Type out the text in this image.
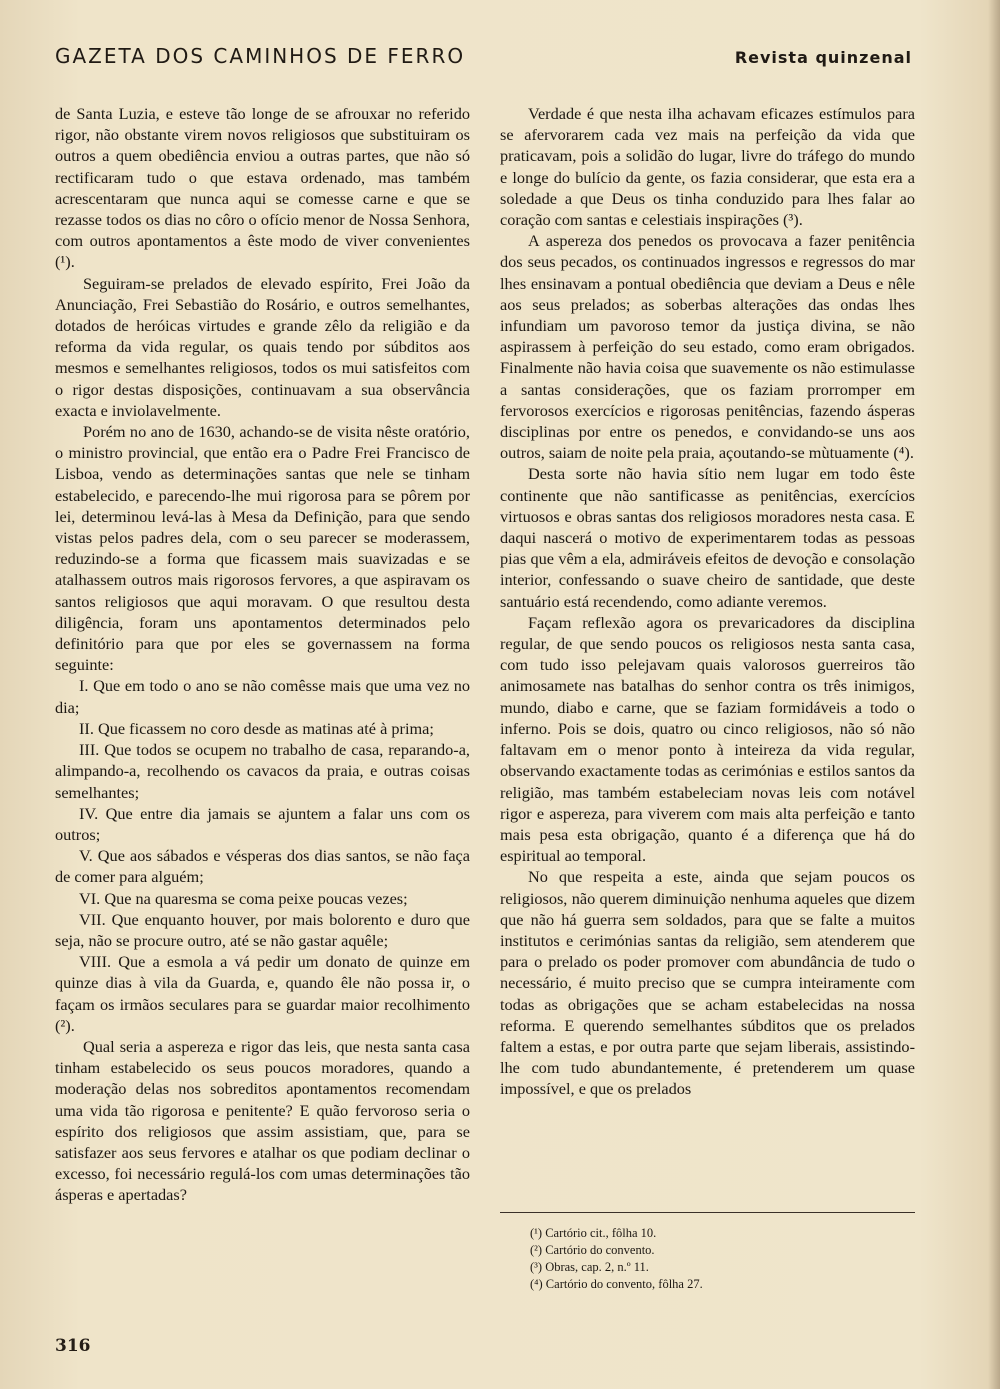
GAZETA DOS CAMINHOS DE FERRO	Revista quinzenal

de Santa Luzia, e esteve tão longe de se afrouxar no referido rigor, não obstante virem novos religiosos que substituiram os outros a quem obediência enviou a outras partes, que não só rectificaram tudo o que estava ordenado, mas também acrescentaram que nunca aqui se comesse carne e que se rezasse todos os dias no côro o ofício menor de Nossa Senhora, com outros apontamentos a êste modo de viver convenientes (¹).

Seguiram-se prelados de elevado espírito, Frei João da Anunciação, Frei Sebastião do Rosário, e outros semelhantes, dotados de heróicas virtudes e grande zêlo da religião e da reforma da vida regular, os quais tendo por súbditos aos mesmos e semelhantes religiosos, todos os mui satisfeitos com o rigor destas disposições, continuavam a sua observância exacta e inviolavelmente.

Porém no ano de 1630, achando-se de visita nêste oratório, o ministro provincial, que então era o Padre Frei Francisco de Lisboa, vendo as determinações santas que nele se tinham estabelecido, e parecendo-lhe mui rigorosa para se pôrem por lei, determinou levá-las à Mesa da Definição, para que sendo vistas pelos padres dela, com o seu parecer se moderassem, reduzindo-se a forma que ficassem mais suavizadas e se atalhassem outros mais rigorosos fervores, a que aspiravam os santos religiosos que aqui moravam. O que resultou desta diligência, foram uns apontamentos determinados pelo definitório para que por eles se governassem na forma seguinte:

I. Que em todo o ano se não comêsse mais que uma vez no dia;

II. Que ficassem no coro desde as matinas até à prima;

III. Que todos se ocupem no trabalho de casa, reparando-a, alimpando-a, recolhendo os cavacos da praia, e outras coisas semelhantes;

IV. Que entre dia jamais se ajuntem a falar uns com os outros;

V. Que aos sábados e vésperas dos dias santos, se não faça de comer para alguém;

VI. Que na quaresma se coma peixe poucas vezes;

VII. Que enquanto houver, por mais bolorento e duro que seja, não se procure outro, até se não gastar aquêle;

VIII. Que a esmola a vá pedir um donato de quinze em quinze dias à vila da Guarda, e, quando êle não possa ir, o façam os irmãos seculares para se guardar maior recolhimento (²).

Qual seria a aspereza e rigor das leis, que nesta santa casa tinham estabelecido os seus poucos moradores, quando a moderação delas nos sobreditos apontamentos recomendam uma vida tão rigorosa e penitente? E quão fervoroso seria o espírito dos religiosos que assim assistiam, que, para se satisfazer aos seus fervores e atalhar os que podiam declinar o excesso, foi necessário regulá-los com umas determinações tão ásperas e apertadas?

Verdade é que nesta ilha achavam eficazes estímulos para se afervorarem cada vez mais na perfeição da vida que praticavam, pois a solidão do lugar, livre do tráfego do mundo e longe do bulício da gente, os fazia considerar, que esta era a soledade a que Deus os tinha conduzido para lhes falar ao coração com santas e celestiais inspirações (³).

A aspereza dos penedos os provocava a fazer penitência dos seus pecados, os continuados ingressos e regressos do mar lhes ensinavam a pontual obediência que deviam a Deus e nêle aos seus prelados; as soberbas alterações das ondas lhes infundiam um pavoroso temor da justiça divina, se não aspirassem à perfeição do seu estado, como eram obrigados. Finalmente não havia coisa que suavemente os não estimulasse a santas considerações, que os faziam prorromper em fervorosos exercícios e rigorosas penitências, fazendo ásperas disciplinas por entre os penedos, e convidando-se uns aos outros, saiam de noite pela praia, açoutando-se mùtuamente (⁴).

Desta sorte não havia sítio nem lugar em todo êste continente que não santificasse as penitências, exercícios virtuosos e obras santas dos religiosos moradores nesta casa. E daqui nascerá o motivo de experimentarem todas as pessoas pias que vêm a ela, admiráveis efeitos de devoção e consolação interior, confessando o suave cheiro de santidade, que deste santuário está recendendo, como adiante veremos.

Façam reflexão agora os prevaricadores da disciplina regular, de que sendo poucos os religiosos nesta santa casa, com tudo isso pelejavam quais valorosos guerreiros tão animosamete nas batalhas do senhor contra os três inimigos, mundo, diabo e carne, que se faziam formidáveis a todo o inferno. Pois se dois, quatro ou cinco religiosos, não só não faltavam em o menor ponto à inteireza da vida regular, observando exactamente todas as cerimónias e estilos santos da religião, mas também estabeleciam novas leis com notável rigor e aspereza, para viverem com mais alta perfeição e tanto mais pesa esta obrigação, quanto é a diferença que há do espiritual ao temporal.

No que respeita a este, ainda que sejam poucos os religiosos, não querem diminuição nenhuma aqueles que dizem que não há guerra sem soldados, para que se falte a muitos institutos e cerimónias santas da religião, sem atenderem que para o prelado os poder promover com abundância de tudo o necessário, é muito preciso que se cumpra inteiramente com todas as obrigações que se acham estabelecidas na nossa reforma. E querendo semelhantes súbditos que os prelados faltem a estas, e por outra parte que sejam liberais, assistindo-lhe com tudo abundantemente, é pretenderem um quase impossível, e que os prelados

(¹) Cartório cit., fôlha 10.
(²) Cartório do convento.
(³) Obras, cap. 2, n.º 11.
(⁴) Cartório do convento, fôlha 27.
316
